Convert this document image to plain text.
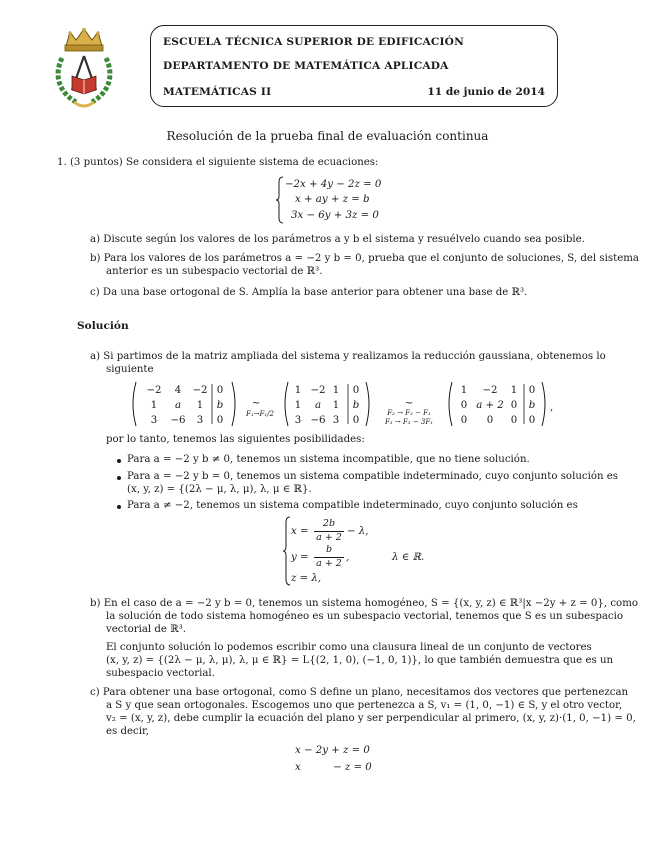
ESCUELA TÉCNICA SUPERIOR DE EDIFICACIÓN
DEPARTAMENTO DE MATEMÁTICA APLICADA
MATEMÁTICAS II	11 de junio de 2014
Resolución de la prueba final de evaluación continua
1. (3 puntos) Se considera el siguiente sistema de ecuaciones:
−2x + 4y − 2z = 0
x + ay + z = b
3x − 6y + 3z = 0
a) Discute según los valores de los parámetros a y b el sistema y resuélvelo cuando sea posible.
b) Para los valores de los parámetros a = −2 y b = 0, prueba que el conjunto de soluciones, S, del sistema
anterior es un subespacio vectorial de ℝ³.
c) Da una base ortogonal de S. Amplía la base anterior para obtener una base de ℝ³.
Solución
a) Si partimos de la matriz ampliada del sistema y realizamos la reducción gaussiana, obtenemos lo
siguiente
−2 4 −2 0
1 a 1 b
3 −6 3 0
∼
F₁→F₁/2
1 −2 1 0
1 a 1 b
3 −6 3 0
∼
F₂ → F₂ − F₁
F₃ → F₃ − 3F₁
1 −2 1 0
0 a + 2 0 b
0 0 0 0
,
por lo tanto, tenemos las siguientes posibilidades:
Para a = −2 y b ≠ 0, tenemos un sistema incompatible, que no tiene solución.
Para a = −2 y b = 0, tenemos un sistema compatible indeterminado, cuyo conjunto solución es
(x, y, z) = {(2λ − μ, λ, μ), λ, μ ∈ ℝ}.
Para a ≠ −2, tenemos un sistema compatible indeterminado, cuyo conjunto solución es
x =
2b
a + 2
− λ,
y =
b
a + 2
,
z = λ,
λ ∈ ℝ.
b) En el caso de a = −2 y b = 0, tenemos un sistema homogéneo, S = {(x, y, z) ∈ ℝ³|x −2y + z = 0}, como
la solución de todo sistema homogéneo es un subespacio vectorial, tenemos que S es un subespacio
vectorial de ℝ³.
El conjunto solución lo podemos escribir como una clausura lineal de un conjunto de vectores
(x, y, z) = {(2λ − μ, λ, μ), λ, μ ∈ ℝ} = L{(2, 1, 0), (−1, 0, 1)}, lo que también demuestra que es un
subespacio vectorial.
c) Para obtener una base ortogonal, como S define un plano, necesitamos dos vectores que pertenezcan
a S y que sean ortogonales. Escogemos uno que pertenezca a S, v₁ = (1, 0, −1) ∈ S, y el otro vector,
v₂ = (x, y, z), debe cumplir la ecuación del plano y ser perpendicular al primero, (x, y, z)·(1, 0, −1) = 0,
es decir,
x − 2y + z = 0
x          − z = 0
